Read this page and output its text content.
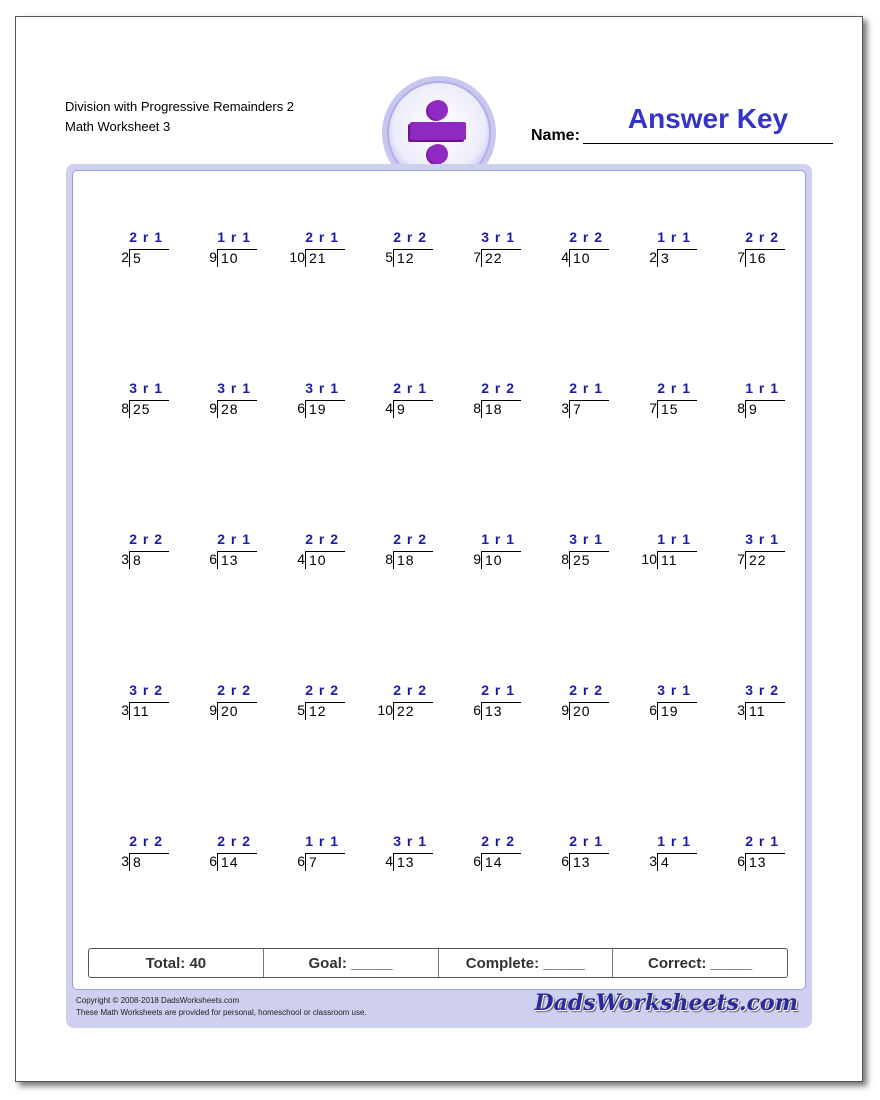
Division with Progressive Remainders 2
Math Worksheet 3
Name:
Answer Key
2 r 1
2 5
1 r 1
9 10
2 r 1
10 21
2 r 2
5 12
3 r 1
7 22
2 r 2
4 10
1 r 1
2 3
2 r 2
7 16
3 r 1
8 25
3 r 1
9 28
3 r 1
6 19
2 r 1
4 9
2 r 2
8 18
2 r 1
3 7
2 r 1
7 15
1 r 1
8 9
2 r 2
3 8
2 r 1
6 13
2 r 2
4 10
2 r 2
8 18
1 r 1
9 10
3 r 1
8 25
1 r 1
10 11
3 r 1
7 22
3 r 2
3 11
2 r 2
9 20
2 r 2
5 12
2 r 2
10 22
2 r 1
6 13
2 r 2
9 20
3 r 1
6 19
3 r 2
3 11
2 r 2
3 8
2 r 2
6 14
1 r 1
6 7
3 r 1
4 13
2 r 2
6 14
2 r 1
6 13
1 r 1
3 4
2 r 1
6 13
Total: 40	Goal: _____	Complete: _____	Correct: _____
Copyright © 2008-2018 DadsWorksheets.com
These Math Worksheets are provided for personal, homeschool or classroom use.	DadsWorksheets.com
